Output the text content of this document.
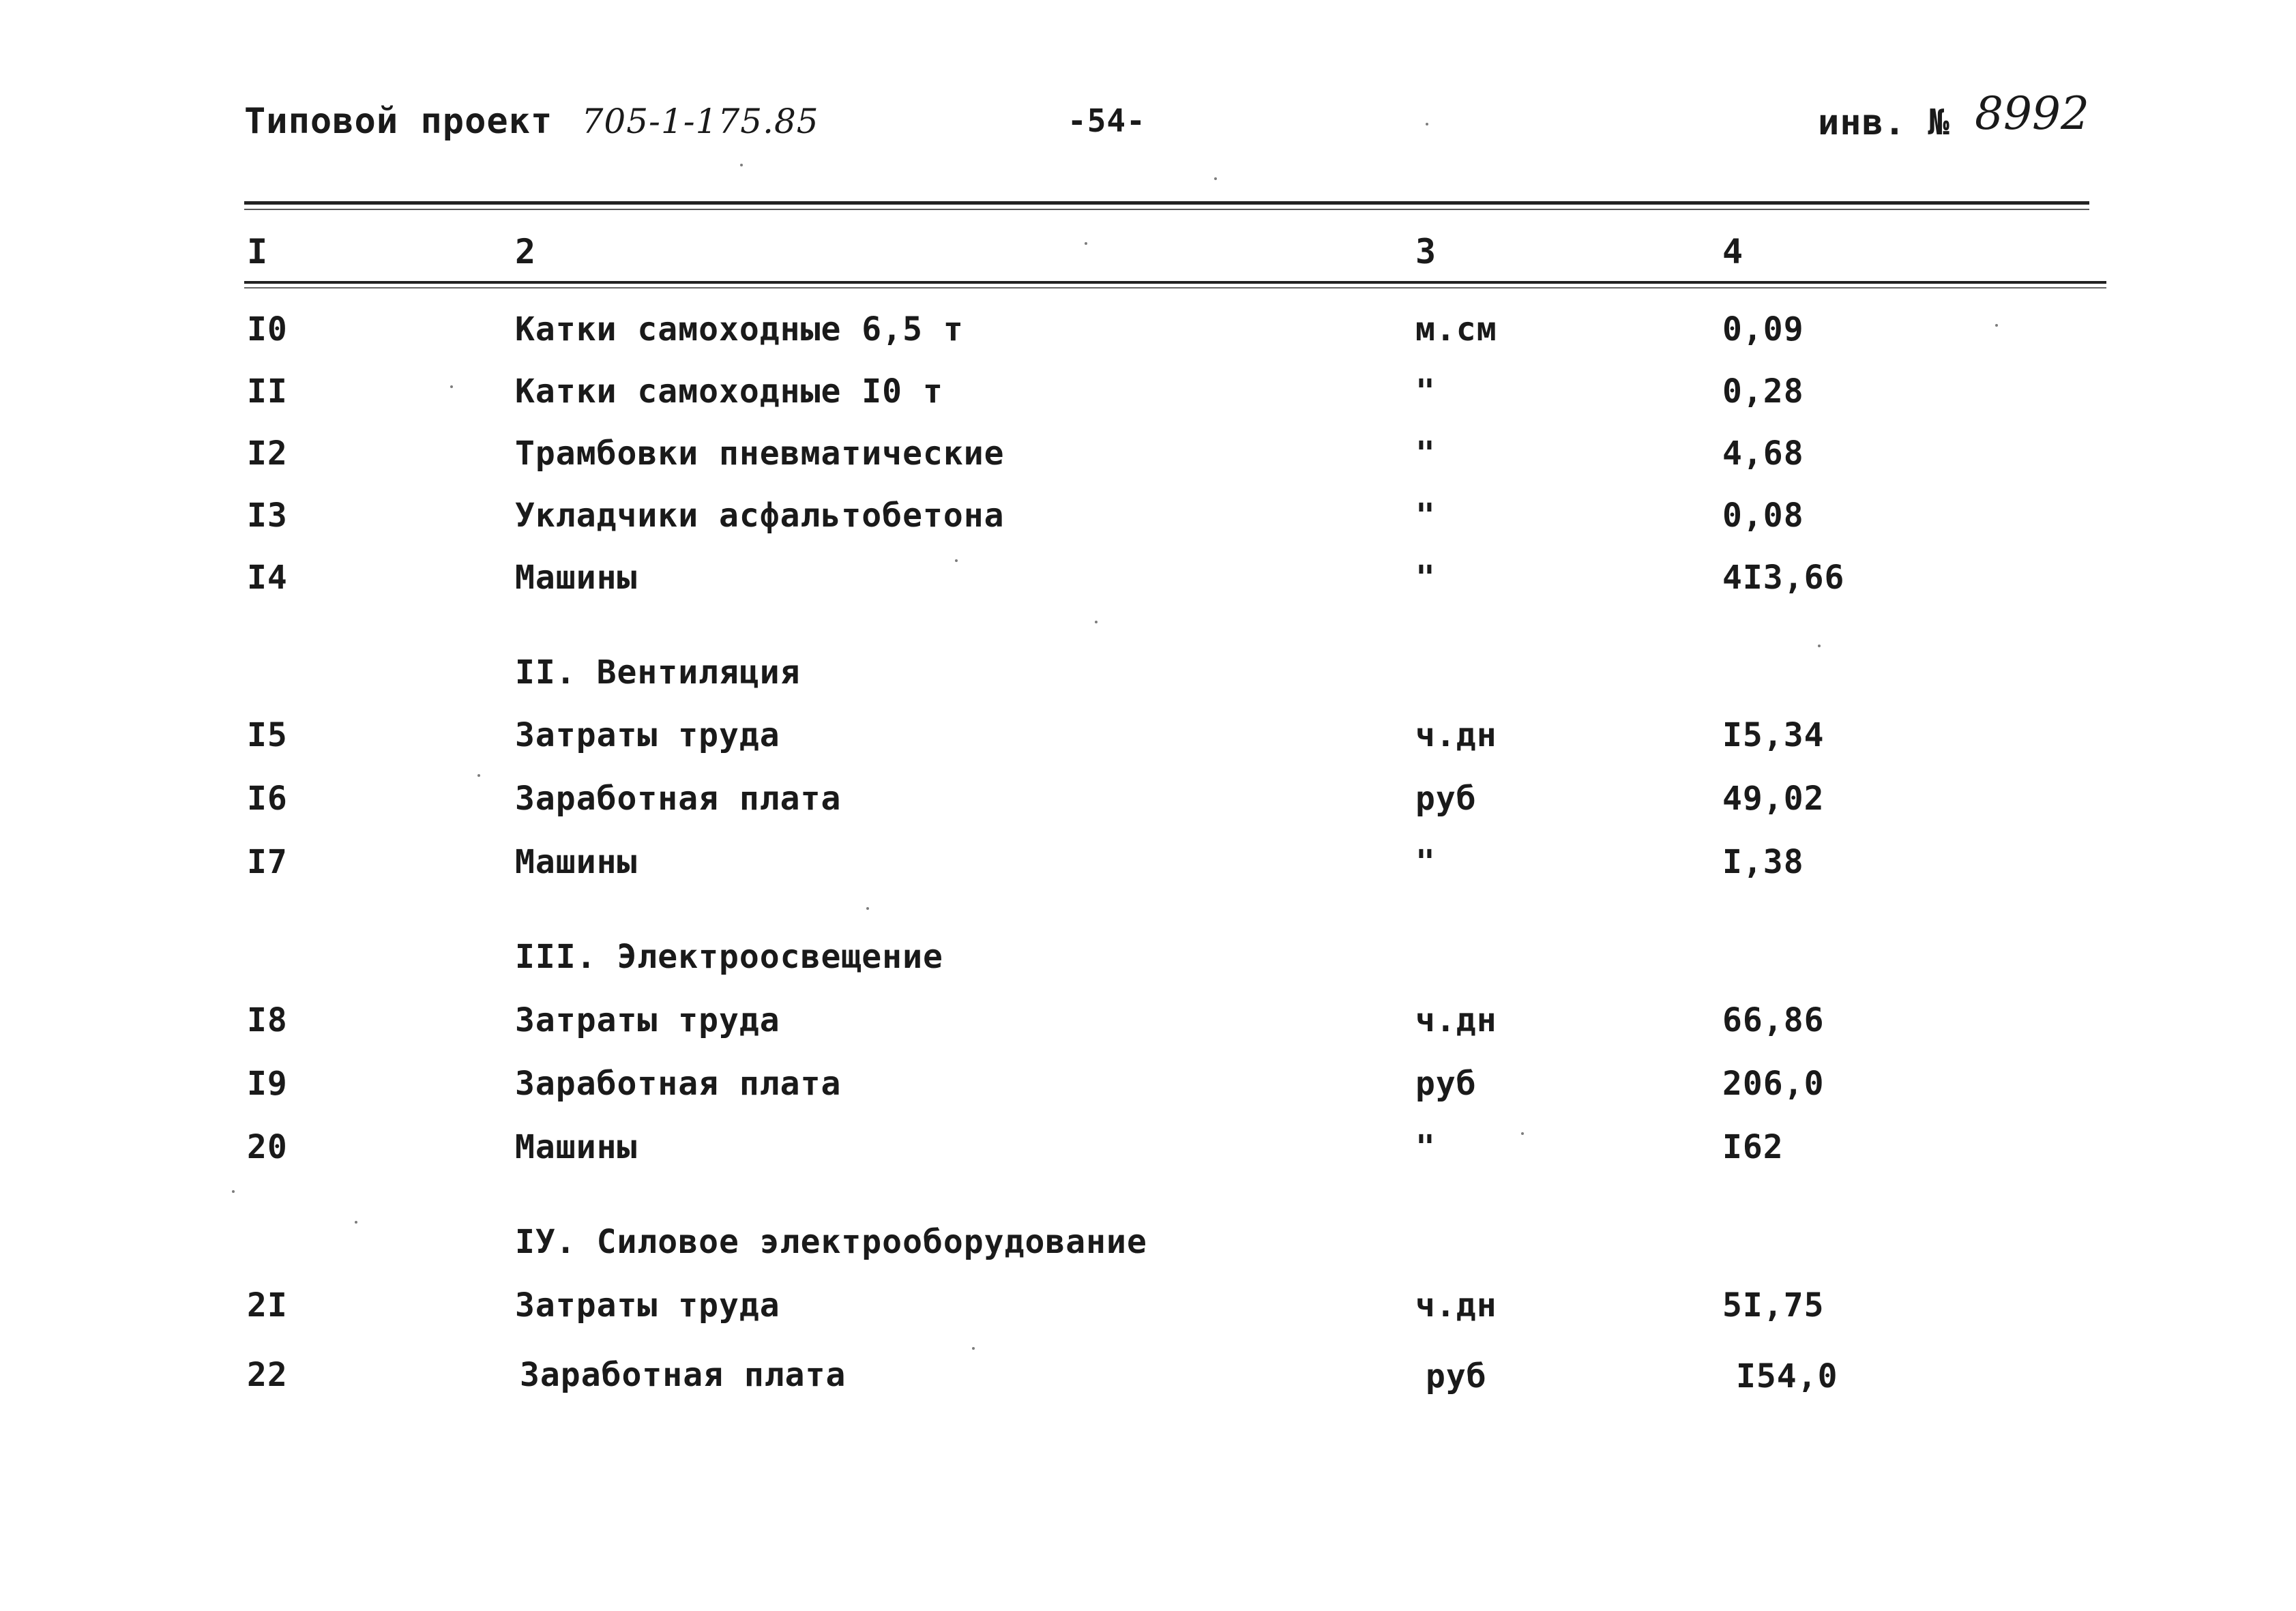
Типовой проект 705-1-175.85	-54-	инв. № 8992
I	2	3	4
I0	Катки самоходные 6,5 т	м.см	0,09
II	Катки самоходные I0 т	"	0,28
I2	Трамбовки пневматические	"	4,68
I3	Укладчики асфальтобетона	"	0,08
I4	Машины	"	4I3,66
II. Вентиляция
I5	Затраты труда	ч.дн	I5,34
I6	Заработная плата	руб	49,02
I7	Машины	"	I,38
III. Электроосвещение
I8	Затраты труда	ч.дн	66,86
I9	Заработная плата	руб	206,0
20	Машины	"	I62
IУ. Силовое электрооборудование
2I	Затраты труда	ч.дн	5I,75
22	Заработная плата	руб	I54,0
